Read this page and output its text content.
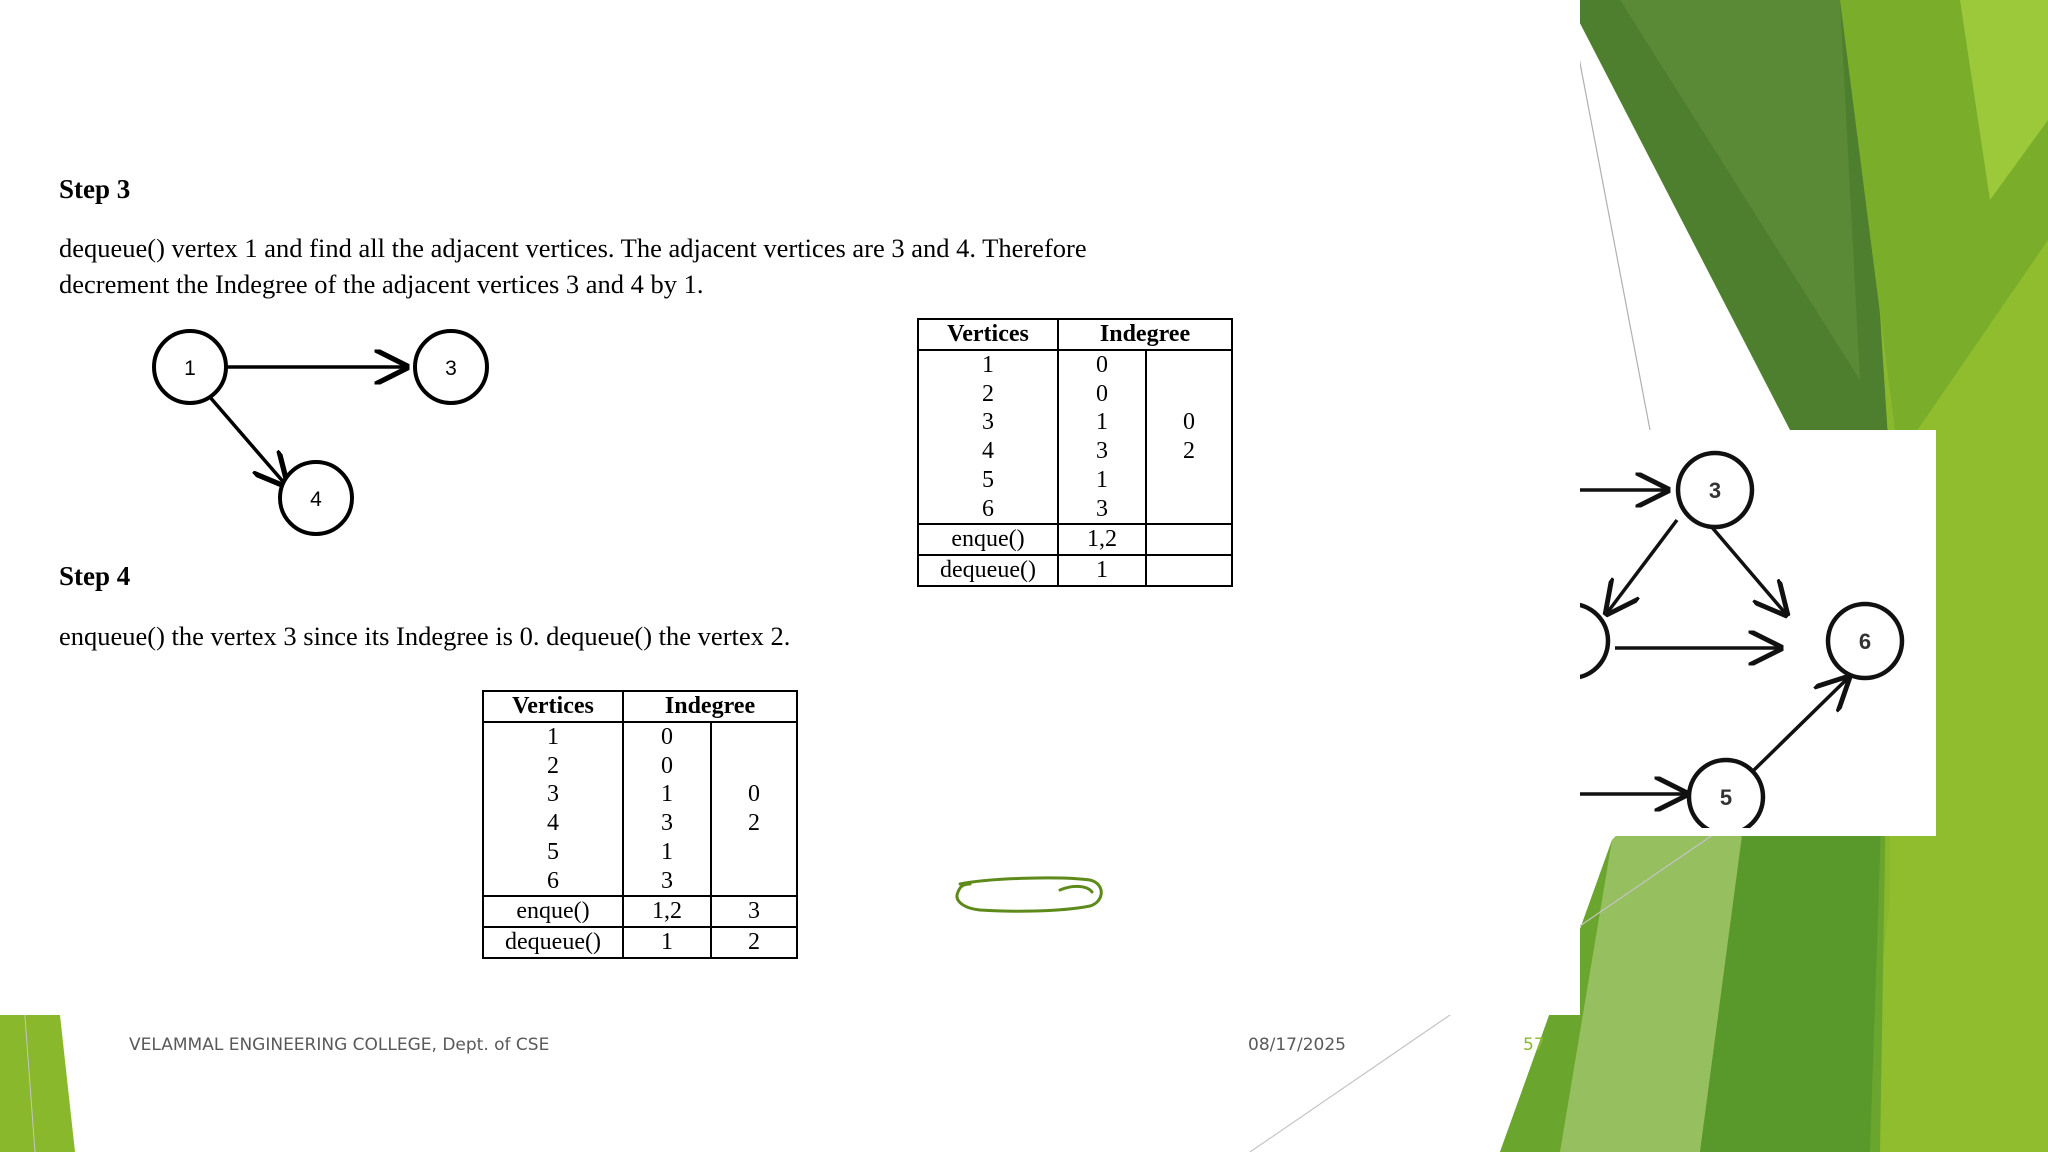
3
6
5

Step 3

dequeue() vertex 1 and find all the adjacent vertices. The adjacent vertices are 3 and 4. Therefore
decrement the Indegree of the adjacent vertices 3 and 4 by 1.

1	3
4
Vertices	Indegree	
1	0	
2	0	
3	1	0
4	3	2
5	1	
6	3	
enque()	1,2	
dequeue()	1	

Step 4

enqueue() the vertex 3 since its Indegree is 0. dequeue() the vertex 2.

Vertices	Indegree	
1	0	
2	0	
3	1	0
4	3	2
5	1	
6	3	
enque()	1,2	3
dequeue()	1	2

VELAMMAL ENGINEERING COLLEGE, Dept. of CSE	08/17/2025	57
